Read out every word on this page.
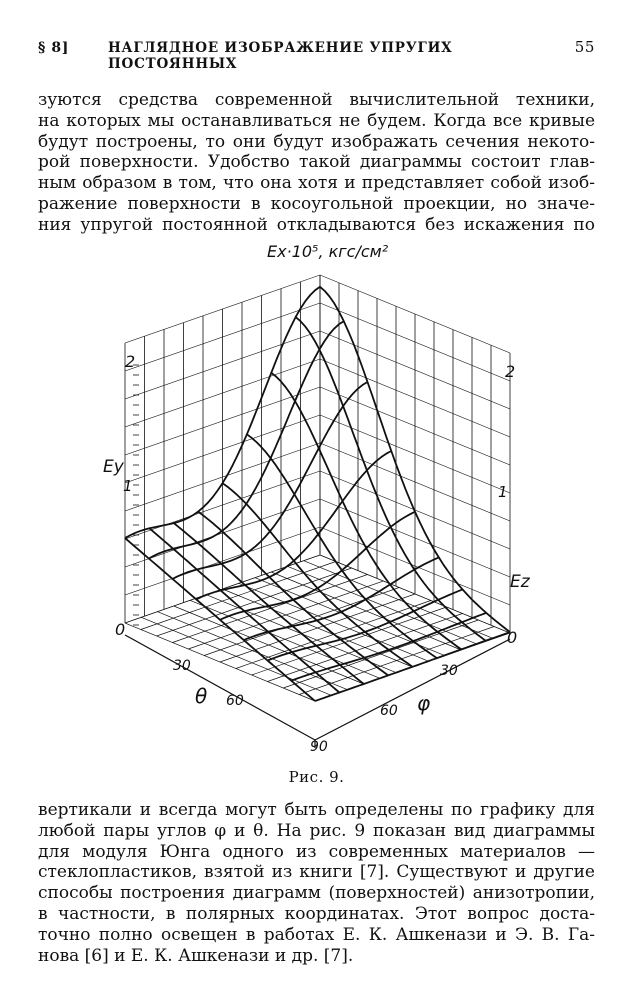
§ 8]	НАГЛЯДНОЕ ИЗОБРАЖЕНИЕ УПРУГИХ ПОСТОЯННЫХ
55

зуются средства современной вычислительной техники,
на которых мы останавливаться не будем. Когда все кривые
будут построены, то они будут изображать сечения некото-
рой поверхности. Удобство такой диаграммы состоит глав-
ным образом в том, что она хотя и представляет собой изоб-
ражение поверхности в косоугольной проекции, но значе-
ния упругой постоянной откладываются без искажения по

Ex·10⁵, кгс/см²
2
1
0
Ey
2
1
0
Ez
30
60
90
θ
30
60 φ
Рис. 9.

вертикали и всегда могут быть определены по графику для
любой пары углов φ и θ. На рис. 9 показан вид диаграммы
для модуля Юнга одного из современных материалов —
стеклопластиков, взятой из книги [7]. Существуют и другие
способы построения диаграмм (поверхностей) анизотропии,
в частности, в полярных координатах. Этот вопрос доста-
точно полно освещен в работах Е. К. Ашкенази и Э. В. Га-
нова [6] и Е. К. Ашкенази и др. [7].
